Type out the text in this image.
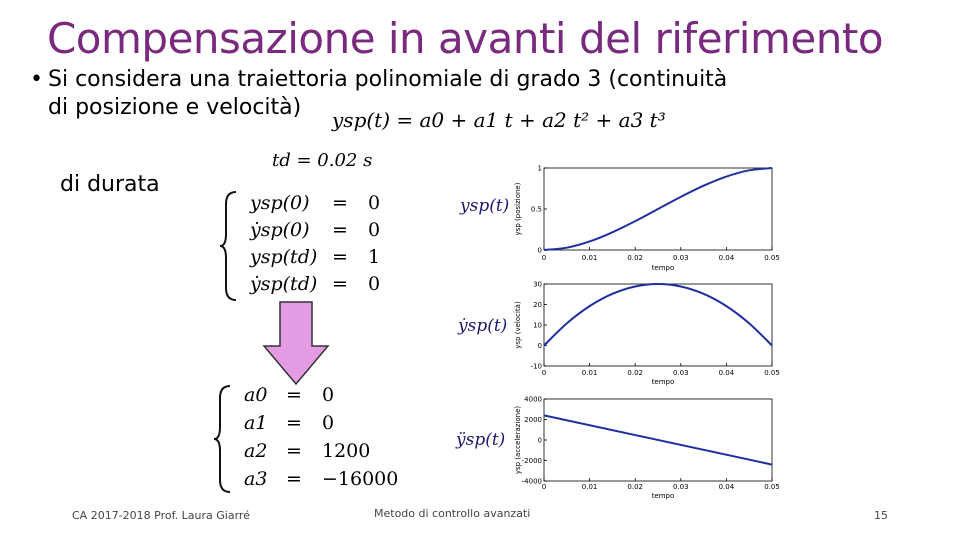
Compensazione in avanti del riferimento
• Si considera una traiettoria polinomiale di grado 3 (continuità
di posizione e velocità) ysp(t) = a0 + a1 t + a2 t² + a3 t³
td = 0.02 s
di durata
ysp(0) = 0
ẏsp(0) = 0
ysp(td) = 1
ẏsp(td) = 0
a0 = 0
a1 = 0
a2 = 1200
a3 = −16000
ysp(t)
ẏsp(t)
ÿsp(t)
0	0.01	0.02	0.03	0.04	0.05
0
0.5
1
tempo
ysp (posizione)
0	0.01	0.02	0.03	0.04	0.05
-10
0
10
20
30
tempo
ysp (velocità)
0	0.01	0.02	0.03	0.04	0.05
-4000
-2000
0
2000
4000
tempo
ysp (accelerazione)
CA 2017-2018 Prof. Laura Giarré	Metodo di controllo avanzati	15
